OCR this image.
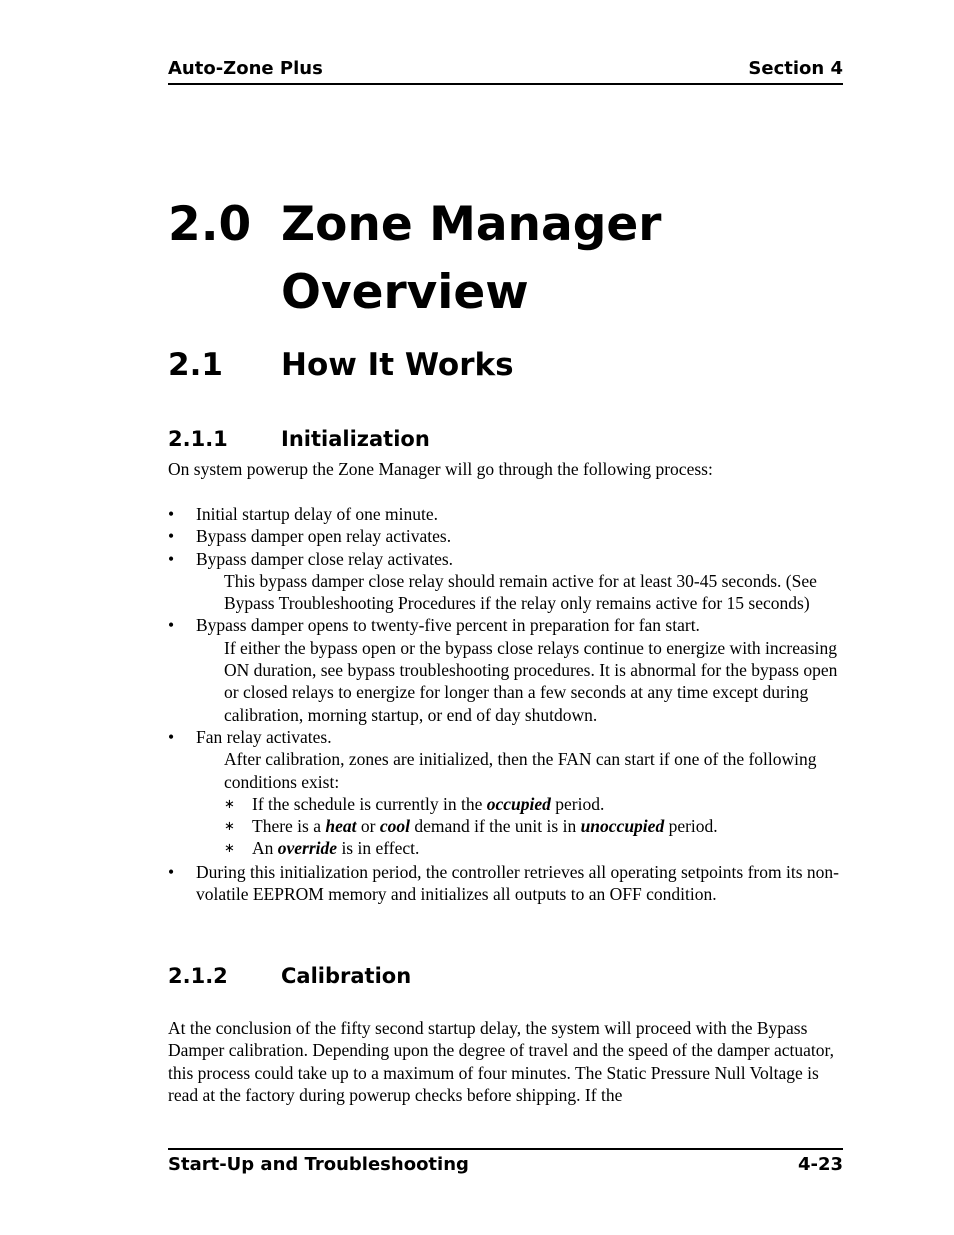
Auto-Zone Plus	Section 4
2.0 Zone Manager
Overview
2.1 How It Works
2.1.1	Initialization
On system powerup the Zone Manager will go through the following process:
• Initial startup delay of one minute.
• Bypass damper open relay activates.
• Bypass damper close relay activates.
This bypass damper close relay should remain active for at least 30-45 seconds. (See Bypass Troubleshooting Procedures if the relay only remains active for 15 seconds)
• Bypass damper opens to twenty-five percent in preparation for fan start.
If either the bypass open or the bypass close relays continue to energize with increasing ON duration, see bypass troubleshooting procedures. It is abnormal for the bypass open or closed relays to energize for longer than a few seconds at any time except during calibration, morning startup, or end of day shutdown.
• Fan relay activates.
After calibration, zones are initialized, then the FAN can start if one of the following conditions exist:
∗ If the schedule is currently in the occupied period.
∗ There is a heat or cool demand if the unit is in unoccupied period.
∗ An override is in effect.
• During this initialization period, the controller retrieves all operating setpoints from its non-volatile EEPROM memory and initializes all outputs to an OFF condition.
2.1.2	Calibration
At the conclusion of the fifty second startup delay, the system will proceed with the Bypass Damper calibration. Depending upon the degree of travel and the speed of the damper actuator, this process could take up to a maximum of four minutes. The Static Pressure Null Voltage is read at the factory during powerup checks before shipping. If the
Start-Up and Troubleshooting	4-23
